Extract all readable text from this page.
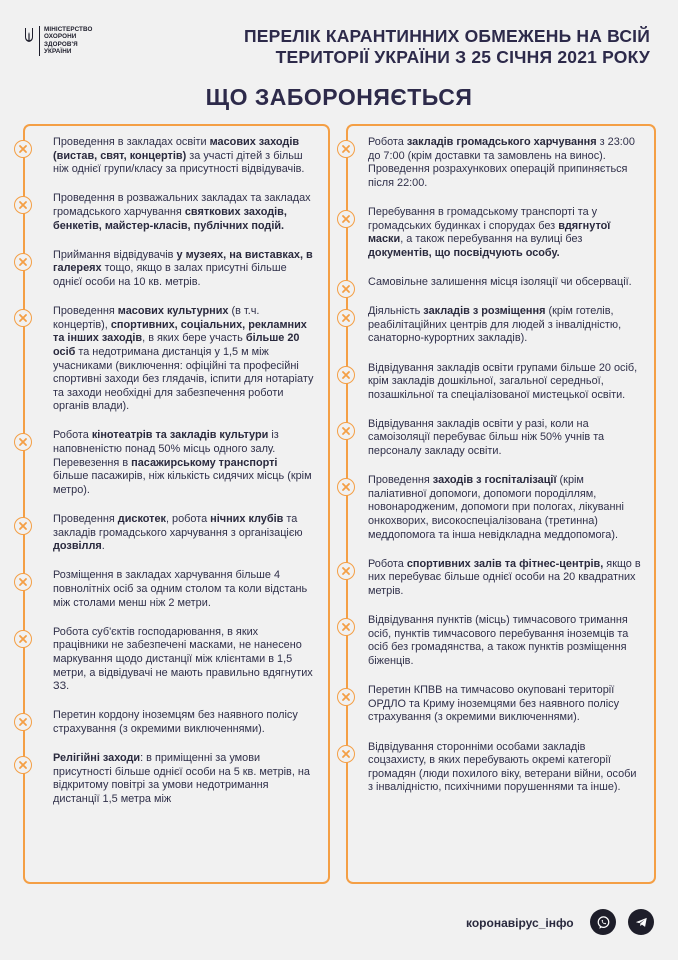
МІНІСТЕРСТВО
ОХОРОНИ
ЗДОРОВ'Я
УКРАЇНИ
ПЕРЕЛІК КАРАНТИННИХ ОБМЕЖЕНЬ НА ВСІЙ
ТЕРИТОРІЇ УКРАЇНИ З 25 СІЧНЯ 2021 РОКУ
ЩО ЗАБОРОНЯЄТЬСЯ
Проведення в закладах освіти масових заходів (вистав, свят, концертів) за участі дітей з більш ніж однієї групи/класу за присутності відвідувачів.
Проведення в розважальних закладах та закладах громадського харчування святкових заходів, бенкетів, майстер-класів, публічних подій.
Приймання відвідувачів у музеях, на виставках, в галереях тощо, якщо в залах присутні більше однієї особи на 10 кв. метрів.
Проведення масових культурних (в т.ч. концертів), спортивних, соціальних, рекламних та інших заходів, в яких бере участь більше 20 осіб та недотримана дистанція у 1,5 м між учасниками (виключення: офіційні та професійні спортивні заходи без глядачів, іспити для нотаріату та заходи необхідні для забезпечення роботи органів влади).
Робота кінотеатрів та закладів культури із наповненістю понад 50% місць одного залу. Перевезення в пасажирському транспорті більше пасажирів, ніж кількість сидячих місць (крім метро).
Проведення дискотек, робота нічних клубів та закладів громадського харчування з організацією дозвілля.
Розміщення в закладах харчування більше 4 повнолітніх осіб за одним столом та коли відстань між столами менш ніж 2 метри.
Робота суб'єктів господарювання, в яких працівники не забезпечені масками, не нанесено маркування щодо дистанції між клієнтами в 1,5 метри, а відвідувачі не мають правильно вдягнутих ЗЗ.
Перетин кордону іноземцям без наявного полісу страхування (з окремими виключеннями).
Релігійні заходи: в приміщенні за умови присутності більше однієї особи на 5 кв. метрів, на відкритому повітрі за умови недотримання дистанції 1,5 метра між
Робота закладів громадського харчування з 23:00 до 7:00 (крім доставки та замовлень на винос). Проведення розрахункових операцій припиняється після 22:00.
Перебування в громадському транспорті та у громадських будинках і спорудах без вдягнутої маски, а також перебування на вулиці без документів, що посвідчують особу.
Самовільне залишення місця ізоляції чи обсервації.
Діяльність закладів з розміщення (крім готелів, реабілітаційних центрів для людей з інвалідністю, санаторно-курортних закладів).
Відвідування закладів освіти групами більше 20 осіб, крім закладів дошкільної, загальної середньої, позашкільної та спеціалізованої мистецької освіти.
Відвідування закладів освіти у разі, коли на самоізоляції перебуває більш ніж 50% учнів та персоналу закладу освіти.
Проведення заходів з госпіталізації (крім паліативної допомоги, допомоги породіллям, новонародженим, допомоги при пологах, лікуванні онкохворих, високоспеціалізована (третинна) меддопомога та інша невідкладна меддопомога).
Робота спортивних залів та фітнес-центрів, якщо в них перебуває більше однієї особи на 20 квадратних метрів.
Відвідування пунктів (місць) тимчасового тримання осіб, пунктів тимчасового перебування іноземців та осіб без громадянства, а також пунктів розміщення біженців.
Перетин КПВВ на тимчасово окуповані території ОРДЛО та Криму іноземцями без наявного полісу страхування (з окремими виключеннями).
Відвідування сторонніми особами закладів соцзахисту, в яких перебувають окремі категорії громадян (люди похилого віку, ветерани війни, особи з інвалідністю, психічними порушеннями та інше).
коронавірус_інфо
